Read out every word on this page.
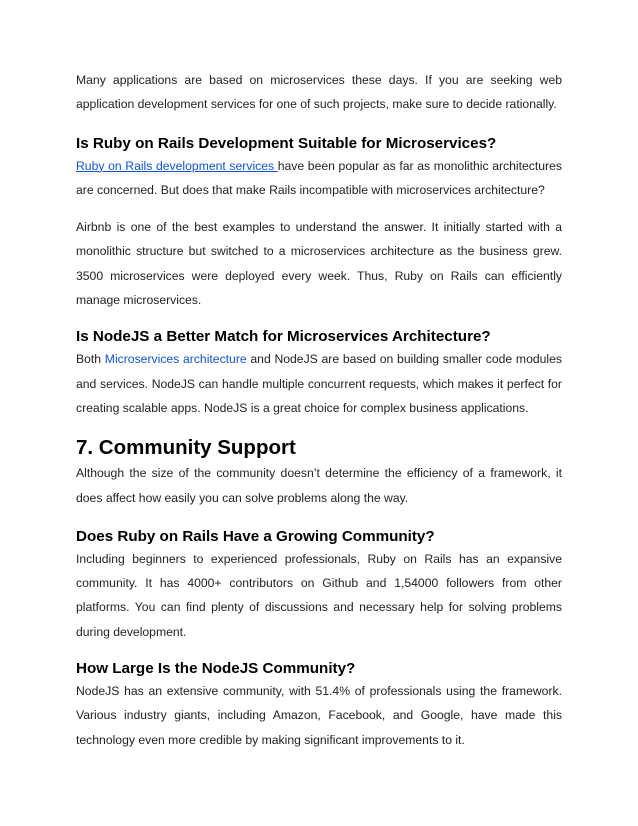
Many applications are based on microservices these days. If you are seeking web application development services for one of such projects, make sure to decide rationally.

Is Ruby on Rails Development Suitable for Microservices?

Ruby on Rails development services have been popular as far as monolithic architectures are concerned. But does that make Rails incompatible with microservices architecture?

Airbnb is one of the best examples to understand the answer. It initially started with a monolithic structure but switched to a microservices architecture as the business grew. 3500 microservices were deployed every week. Thus, Ruby on Rails can efficiently manage microservices.

Is NodeJS a Better Match for Microservices Architecture?

Both Microservices architecture and NodeJS are based on building smaller code modules and services. NodeJS can handle multiple concurrent requests, which makes it perfect for creating scalable apps. NodeJS is a great choice for complex business applications.

7. Community Support

Although the size of the community doesn’t determine the efficiency of a framework, it does affect how easily you can solve problems along the way.

Does Ruby on Rails Have a Growing Community?

Including beginners to experienced professionals, Ruby on Rails has an expansive community. It has 4000+ contributors on Github and 1,54000 followers from other platforms. You can find plenty of discussions and necessary help for solving problems during development.

How Large Is the NodeJS Community?

NodeJS has an extensive community, with 51.4% of professionals using the framework. Various industry giants, including Amazon, Facebook, and Google, have made this technology even more credible by making significant improvements to it.
